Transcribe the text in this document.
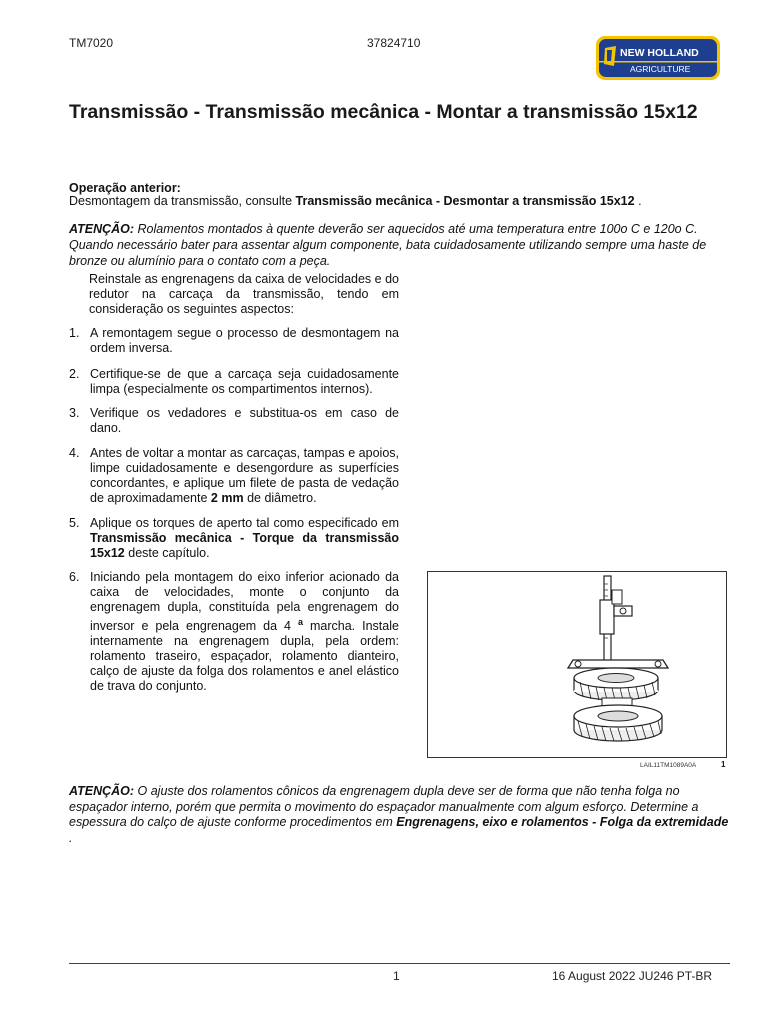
TM7020	37824710
NEW HOLLAND
AGRICULTURE
Transmissão - Transmissão mecânica - Montar a transmissão 15x12
Operação anterior:
Desmontagem da transmissão, consulte Transmissão mecânica - Desmontar a transmissão 15x12 .
ATENÇÃO: Rolamentos montados à quente deverão ser aquecidos até uma temperatura entre 100o C e 120o C. Quando necessário bater para assentar algum componente, bata cuidadosamente utilizando sempre uma haste de bronze ou alumínio para o contato com a peça.
Reinstale as engrenagens da caixa de velocidades e do redutor na carcaça da transmissão, tendo em consideração os seguintes aspectos:
1. A remontagem segue o processo de desmontagem na ordem inversa.
2. Certifique-se de que a carcaça seja cuidadosamente limpa (especialmente os compartimentos internos).
3. Verifique os vedadores e substitua-os em caso de dano.
4. Antes de voltar a montar as carcaças, tampas e apoios, limpe cuidadosamente e desengordure as superfícies concordantes, e aplique um filete de pasta de vedação de aproximadamente 2 mm de diâmetro.
5. Aplique os torques de aperto tal como especificado em Transmissão mecânica - Torque da transmissão 15x12 deste capítulo.
6. Iniciando pela montagem do eixo inferior acionado da caixa de velocidades, monte o conjunto da engrenagem dupla, constituída pela engrenagem do inversor e pela engrenagem da 4 $^a$ marcha. Instale internamente na engrenagem dupla, pela ordem: rolamento traseiro, espaçador, rolamento dianteiro, calço de ajuste da folga dos rolamentos e anel elástico de trava do conjunto.
LAIL11TM1089A0A	1
ATENÇÃO: O ajuste dos rolamentos cônicos da engrenagem dupla deve ser de forma que não tenha folga no espaçador interno, porém que permita o movimento do espaçador manualmente com algum esforço. Determine a espessura do calço de ajuste conforme procedimentos em Engrenagens, eixo e rolamentos - Folga da extremidade .
1	16 August 2022 JU246 PT-BR
